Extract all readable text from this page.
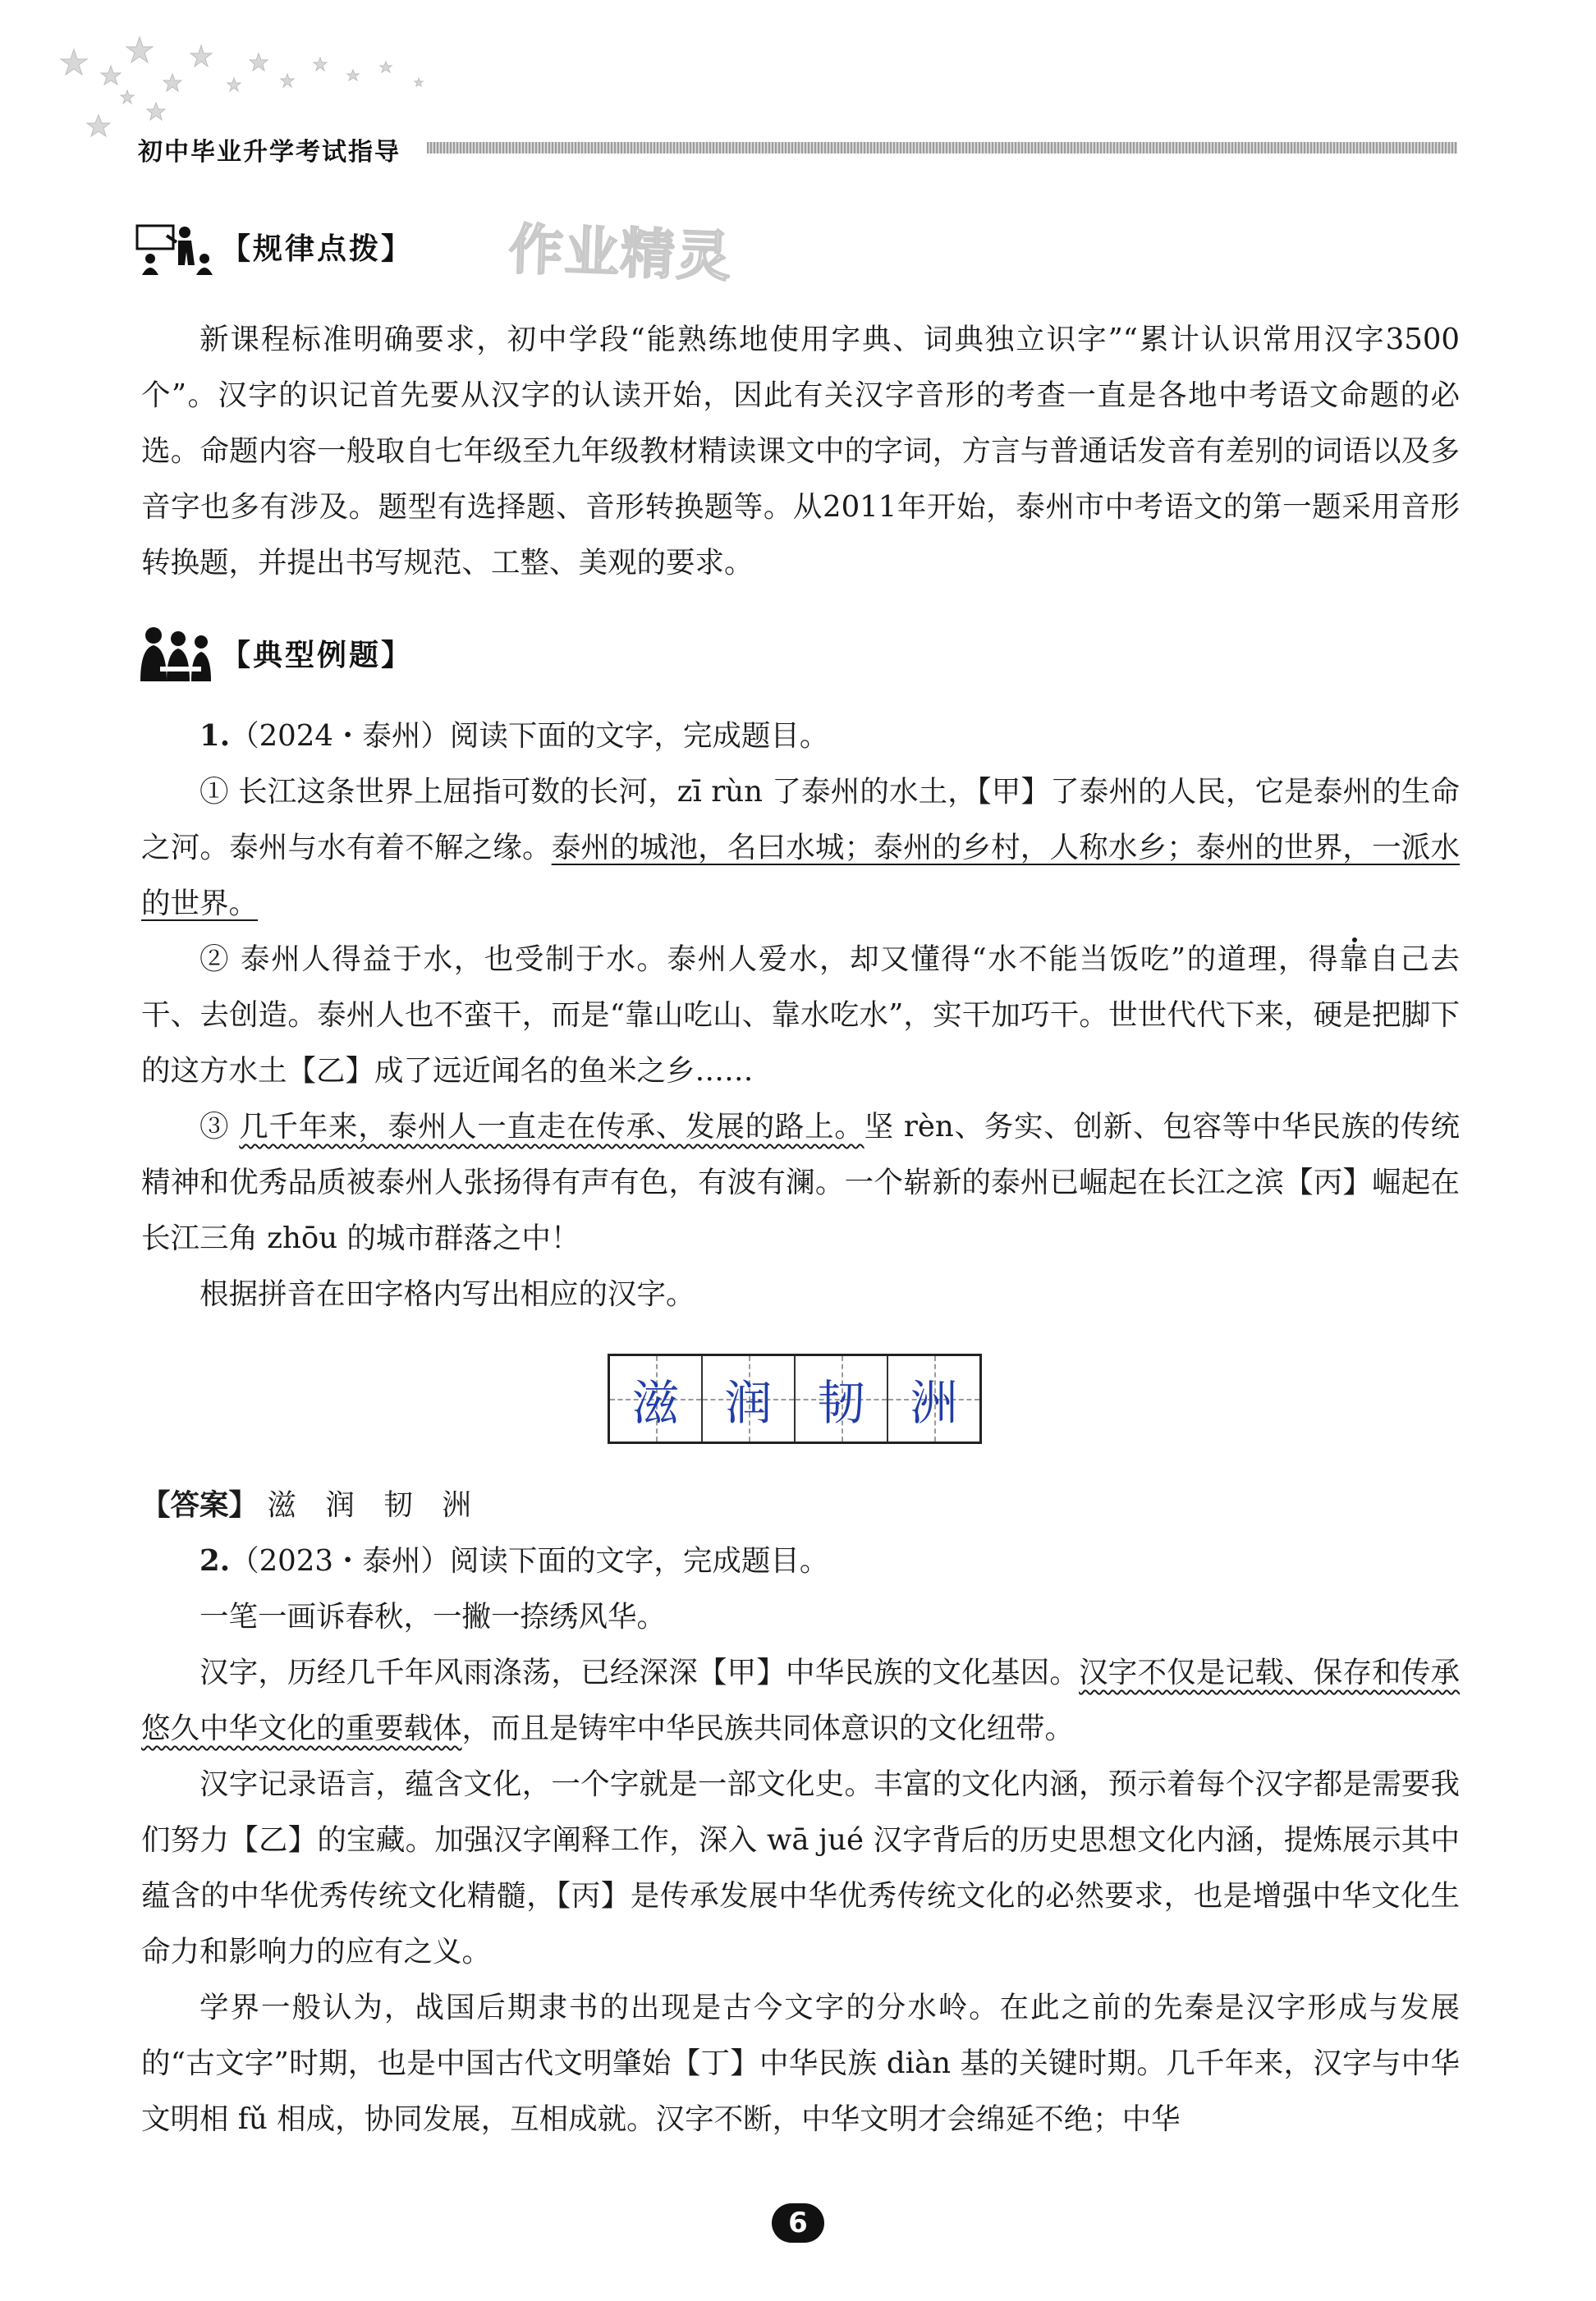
初中毕业升学考试指导
【规律点拨】 作业精灵

新课程标准明确要求，初中学段“能熟练地使用字典、词典独立识字”“累计认识常用汉字3500个”。汉字的识记首先要从汉字的认读开始，因此有关汉字音形的考查一直是各地中考语文命题的必选。命题内容一般取自七年级至九年级教材精读课文中的字词，方言与普通话发音有差别的词语以及多音字也多有涉及。题型有选择题、音形转换题等。从2011年开始，泰州市中考语文的第一题采用音形转换题，并提出书写规范、工整、美观的要求。

【典型例题】

1.（2024・泰州）阅读下面的文字，完成题目。

① 长江这条世界上屈指可数的长河，zī rùn 了泰州的水土，【甲】了泰州的人民，它是泰州的生命之河。泰州与水有着不解之缘。泰州的城池，名曰水城；泰州的乡村，人称水乡；泰州的世界，一派水的世界。

② 泰州人得益于水，也受制于水。泰州人爱水，却又懂得“水不能当饭吃”的道理，得靠自己去干、去创造。泰州人也不蛮干，而是“靠山吃山、靠水吃水”，实干加巧干。世世代代下来，硬是把脚下的这方水土【乙】成了远近闻名的鱼米之乡……

③ 几千年来，泰州人一直走在传承、发展的路上。坚 rèn、务实、创新、包容等中华民族的传统精神和优秀品质被泰州人张扬得有声有色，有波有澜。一个崭新的泰州已崛起在长江之滨【丙】崛起在长江三角 zhōu 的城市群落之中！

根据拼音在田字格内写出相应的汉字。

滋 润 韧 洲

【答案】 滋　润　韧　洲

2.（2023・泰州）阅读下面的文字，完成题目。

一笔一画诉春秋，一撇一捺绣风华。

汉字，历经几千年风雨涤荡，已经深深【甲】中华民族的文化基因。汉字不仅是记载、保存和传承悠久中华文化的重要载体，而且是铸牢中华民族共同体意识的文化纽带。

汉字记录语言，蕴含文化，一个字就是一部文化史。丰富的文化内涵，预示着每个汉字都是需要我们努力【乙】的宝藏。加强汉字阐释工作，深入 wā jué 汉字背后的历史思想文化内涵，提炼展示其中蕴含的中华优秀传统文化精髓，【丙】是传承发展中华优秀传统文化的必然要求，也是增强中华文化生命力和影响力的应有之义。

学界一般认为，战国后期隶书的出现是古今文字的分水岭。在此之前的先秦是汉字形成与发展的“古文字”时期，也是中国古代文明肇始【丁】中华民族 diàn 基的关键时期。几千年来，汉字与中华文明相 fǔ 相成，协同发展，互相成就。汉字不断，中华文明才会绵延不绝；中华

6
